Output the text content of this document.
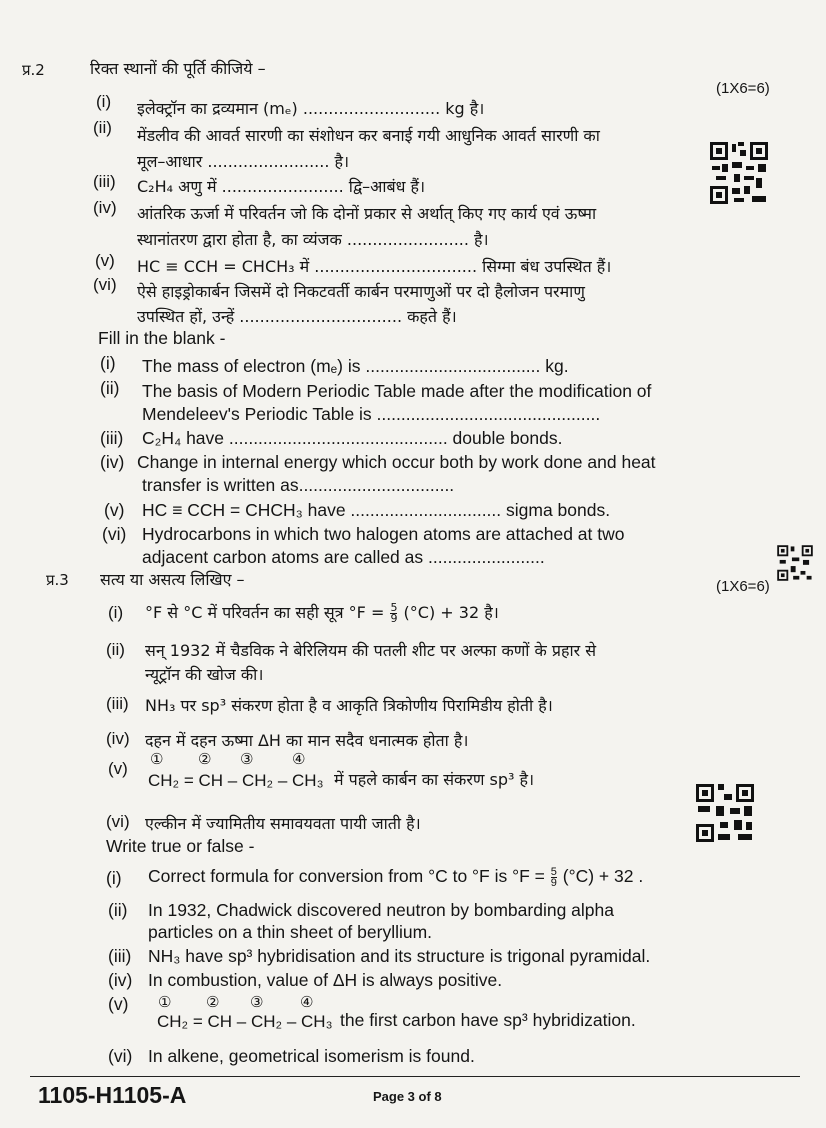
प्र.2	रिक्त स्थानों की पूर्ति कीजिये –
(1X6=6)
(i) इलेक्ट्रॉन का द्रव्यमान (mₑ) ........................... kg है।
(ii) मेंडलीव की आवर्त सारणी का संशोधन कर बनाई गयी आधुनिक आवर्त सारणी का
मूल–आधार ........................ है।
(iii) C₂H₄ अणु में ........................ द्वि–आबंध हैं।
(iv) आंतरिक ऊर्जा में परिवर्तन जो कि दोनों प्रकार से अर्थात् किए गए कार्य एवं ऊष्मा
स्थानांतरण द्वारा होता है, का व्यंजक ........................ है।
(v) HC ≡ CCH = CHCH₃ में ................................ सिग्मा बंध उपस्थित हैं।
(vi) ऐसे हाइड्रोकार्बन जिसमें दो निकटवर्ती कार्बन परमाणुओं पर दो हैलोजन परमाणु
उपस्थित हों, उन्हें ................................ कहते हैं।
Fill in the blank -
(i) The mass of electron (mₑ) is .................................... kg.
(ii) The basis of Modern Periodic Table made after the modification of
Mendeleev's Periodic Table is ..............................................
(iii) C₂H₄ have ............................................. double bonds.
(iv) Change in internal energy which occur both by work done and heat
transfer is written as................................
(v) HC ≡ CCH = CHCH₃ have ............................... sigma bonds.
(vi) Hydrocarbons in which two halogen atoms are attached at two
adjacent carbon atoms are called as ........................
प्र.3 सत्य या असत्य लिखिए –	(1X6=6)
(i) °F से °C में परिवर्तन का सही सूत्र $^\circ F = \frac{5}{9} (^\circ C) + 32$ है।
(ii) सन् 1932 में चैडविक ने बेरिलियम की पतली शीट पर अल्फा कणों के प्रहार से
न्यूट्रॉन की खोज की।
(iii) NH₃ पर sp³ संकरण होता है व आकृति त्रिकोणीय पिरामिडीय होती है।
(iv) दहन में दहन ऊष्मा ΔH का मान सदैव धनात्मक होता है।
(v) ① ② ③	④
CH₂ = CH – CH₂ – CH₃ में पहले कार्बन का संकरण sp³ है।
(vi) एल्कीन में ज्यामितीय समावयवता पायी जाती है।
Write true or false -
(i) Correct formula for conversion from °C to °F is $^\circ F = \frac{5}{9} (^\circ C) + 32$ .
(ii) In 1932, Chadwick discovered neutron by bombarding alpha
particles on a thin sheet of beryllium.
(iii) NH₃ have sp³ hybridisation and its structure is trigonal pyramidal.
(iv) In combustion, value of ΔH is always positive.
(v) ① ② ③ ④
CH₂ = CH – CH₂ – CH₃ the first carbon have sp³ hybridization.
(vi) In alkene, geometrical isomerism is found.
1105-H1105-A	Page 3 of 8
